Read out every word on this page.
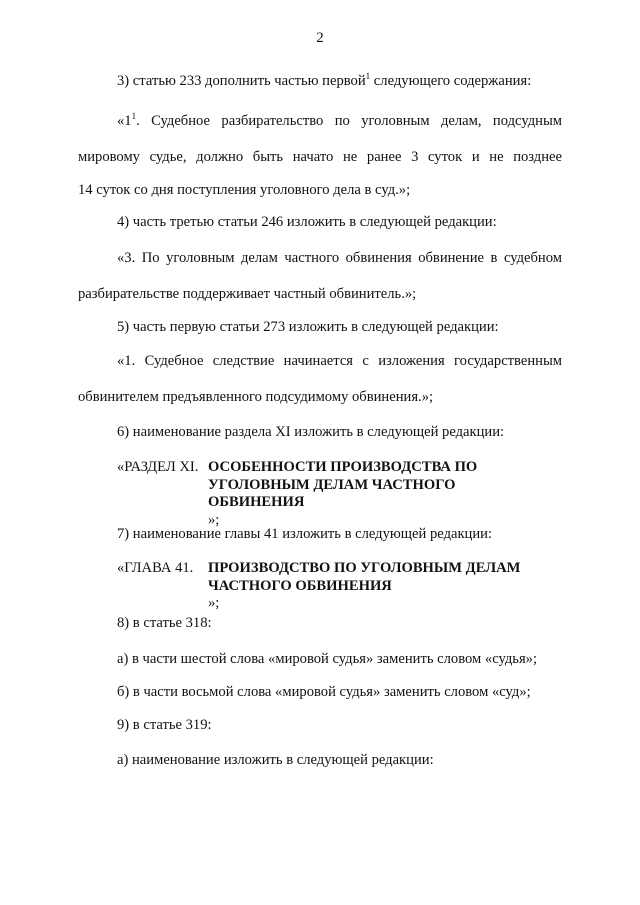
2
3) статью 233 дополнить частью первой$^1$ следующего содержания:
«$1^1$. Судебное разбирательство по уголовным делам, подсудным
мировому судье, должно быть начато не ранее 3 суток и не позднее
14 суток со дня поступления уголовного дела в суд.»;
4) часть третью статьи 246 изложить в следующей редакции:
«3. По уголовным делам частного обвинения обвинение в судебном
разбирательстве поддерживает частный обвинитель.»;
5) часть первую статьи 273 изложить в следующей редакции:
«1. Судебное следствие начинается с изложения государственным
обвинителем предъявленного подсудимому обвинения.»;
6) наименование раздела XI изложить в следующей редакции:
«РАЗДЕЛ XI. ОСОБЕННОСТИ ПРОИЗВОДСТВА ПО
УГОЛОВНЫМ ДЕЛАМ ЧАСТНОГО
ОБВИНЕНИЯ
»;
7) наименование главы 41 изложить в следующей редакции:
«ГЛАВА 41. ПРОИЗВОДСТВО ПО УГОЛОВНЫМ ДЕЛАМ
ЧАСТНОГО ОБВИНЕНИЯ
»;
8) в статье 318:
а) в части шестой слова «мировой судья» заменить словом «судья»;
б) в части восьмой слова «мировой судья» заменить словом «суд»;
9) в статье 319:
а) наименование изложить в следующей редакции:
